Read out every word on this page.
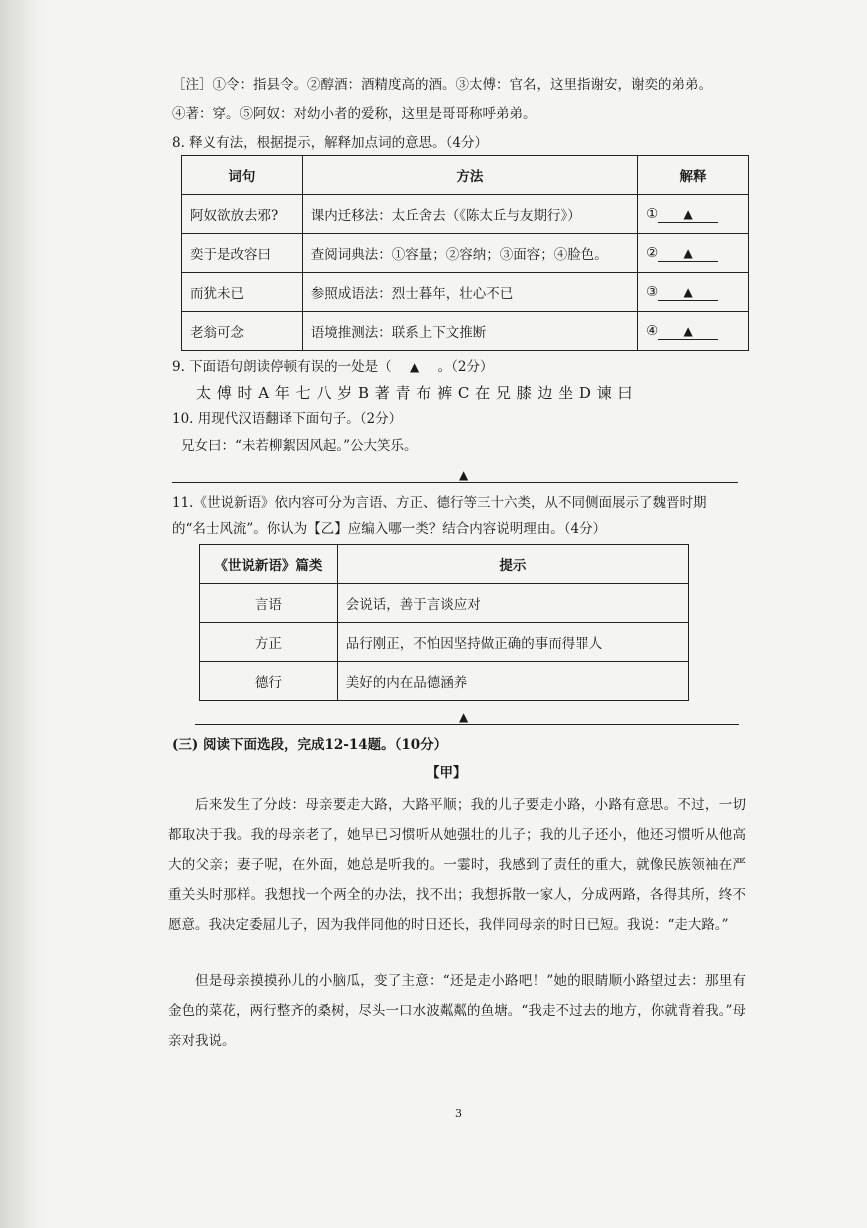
［注］①令：指县令。②醇酒：酒精度高的酒。③太傅：官名，这里指谢安，谢奕的弟弟。
④著：穿。⑤阿奴：对幼小者的爱称，这里是哥哥称呼弟弟。
8. 释义有法，根据提示，解释加点词的意思。（4分）
词句	方法	解释
阿奴欲放去邪?	课内迁移法：太丘舍去（《陈太丘与友期行》）	① ▲
奕于是改容曰	查阅词典法：①容量；②容纳；③面容；④脸色。	② ▲
而犹未已	参照成语法：烈士暮年，壮心不已	③ ▲
老翁可念	语境推测法：联系上下文推断	④ ▲
9. 下面语句朗读停顿有误的一处是（ ▲ 。（2分）
太 傅 时 A 年 七 八 岁 B 著 青 布 裤 C 在 兄 膝 边 坐 D 谏 曰
10. 用现代汉语翻译下面句子。（2分）
兄女曰：“未若柳絮因风起。”公大笑乐。
▲
11.《世说新语》依内容可分为言语、方正、德行等三十六类，从不同侧面展示了魏晋时期
的“名士风流”。你认为【乙】应编入哪一类？结合内容说明理由。（4分）
《世说新语》篇类	提示
言语	会说话，善于言谈应对
方正	品行刚正，不怕因坚持做正确的事而得罪人
德行	美好的内在品德涵养
▲
(三) 阅读下面选段，完成12-14题。（10分）
【甲】
后来发生了分歧：母亲要走大路，大路平顺；我的儿子要走小路，小路有意思。不过，一切都取决于我。我的母亲老了，她早已习惯听从她强壮的儿子；我的儿子还小，他还习惯听从他高大的父亲；妻子呢，在外面，她总是听我的。一霎时，我感到了责任的重大，就像民族领袖在严重关头时那样。我想找一个两全的办法，找不出；我想拆散一家人，分成两路，各得其所，终不愿意。我决定委屈儿子，因为我伴同他的时日还长，我伴同母亲的时日已短。我说：“走大路。”
但是母亲摸摸孙儿的小脑瓜，变了主意：“还是走小路吧！”她的眼睛顺小路望过去：那里有金色的菜花，两行整齐的桑树，尽头一口水波粼粼的鱼塘。“我走不过去的地方，你就背着我。”母亲对我说。
3
